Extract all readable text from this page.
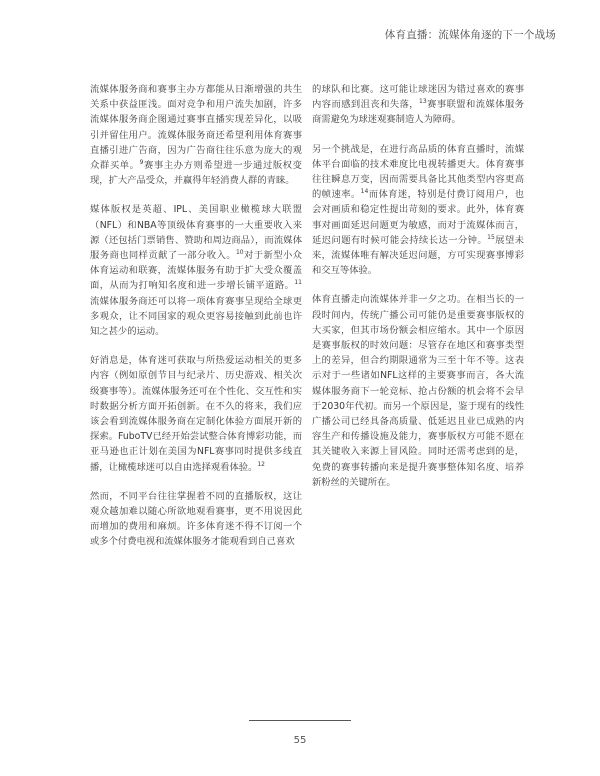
体育直播：流媒体角逐的下一个战场

流媒体服务商和赛事主办方都能从日渐增强的共生关系中获益匪浅。面对竞争和用户流失加剧，许多流媒体服务商企图通过赛事直播实现差异化，以吸引并留住用户。流媒体服务商还希望利用体育赛事直播引进广告商，因为广告商往往乐意为庞大的观众群买单。$^9$赛事主办方则希望进一步通过版权变现，扩大产品受众，并赢得年轻消费人群的青睐。

媒体版权是英超、IPL、美国职业橄榄球大联盟（NFL）和NBA等顶级体育赛事的一大重要收入来源（还包括门票销售、赞助和周边商品），而流媒体服务商也同样贡献了一部分收入。$^{10}$对于新型小众体育运动和联赛，流媒体服务有助于扩大受众覆盖面，从而为打响知名度和进一步增长铺平道路。$^{11}$流媒体服务商还可以将一项体育赛事呈现给全球更多观众，让不同国家的观众更容易接触到此前也许知之甚少的运动。

好消息是，体育迷可获取与所热爱运动相关的更多内容（例如原创节目与纪录片、历史游戏、相关次级赛事等）。流媒体服务还可在个性化、交互性和实时数据分析方面开拓创新。在不久的将来，我们应该会看到流媒体服务商在定制化体验方面展开新的探索。FuboTV已经开始尝试整合体育博彩功能，而亚马逊也正计划在美国为NFL赛事同时提供多线直播，让橄榄球迷可以自由选择观看体验。$^{12}$

然而，不同平台往往掌握着不同的直播版权，这让观众越加难以随心所欲地观看赛事，更不用说因此而增加的费用和麻烦。许多体育迷不得不订阅一个或多个付费电视和流媒体服务才能观看到自己喜欢

的球队和比赛。这可能让球迷因为错过喜欢的赛事内容而感到沮丧和失落，$^{13}$赛事联盟和流媒体服务商需避免为球迷观赛制造人为障碍。

另一个挑战是，在进行高品质的体育直播时，流媒体平台面临的技术难度比电视转播更大。体育赛事往往瞬息万变，因而需要具备比其他类型内容更高的帧速率。$^{14}$而体育迷，特别是付费订阅用户，也会对画质和稳定性提出苛刻的要求。此外，体育赛事对画面延迟问题更为敏感，而对于流媒体而言，延迟问题有时候可能会持续长达一分钟。$^{15}$展望未来，流媒体唯有解决延迟问题，方可实现赛事博彩和交互等体验。

体育直播走向流媒体并非一夕之功。在相当长的一段时间内，传统广播公司可能仍是重要赛事版权的大买家，但其市场份额会相应缩水。其中一个原因是赛事版权的时效问题：尽管存在地区和赛事类型上的差异，但合约期限通常为三至十年不等。这表示对于一些诸如NFL这样的主要赛事而言，各大流媒体服务商下一轮竞标、抢占份额的机会将不会早于2030年代初。而另一个原因是，鉴于现有的线性广播公司已经具备高质量、低延迟且业已成熟的内容生产和传播设施及能力，赛事版权方可能不愿在其关键收入来源上冒风险。同时还需考虑到的是，免费的赛事转播向来是提升赛事整体知名度、培养新粉丝的关键所在。

55
